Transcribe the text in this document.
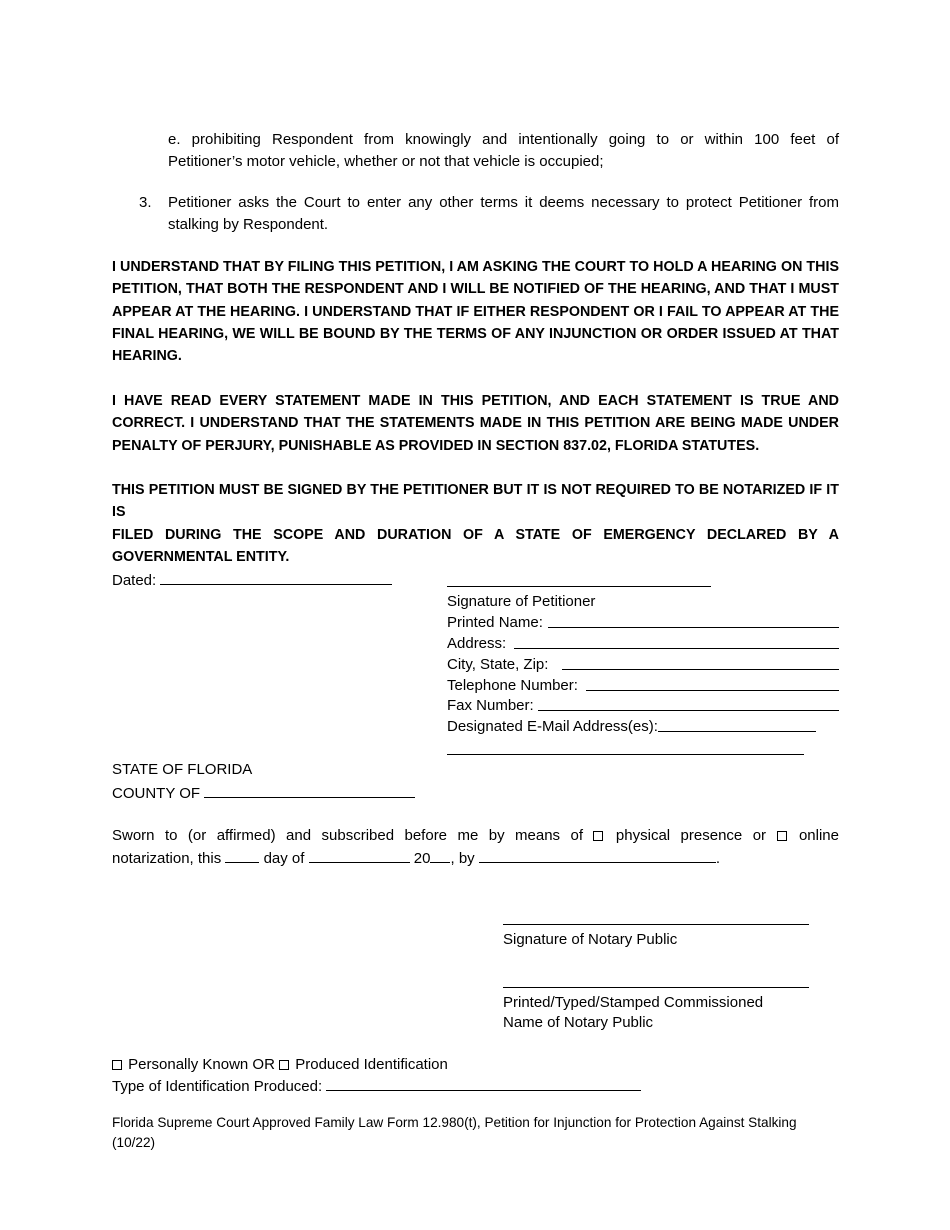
e. prohibiting Respondent from knowingly and intentionally going to or within 100 feet of
Petitioner’s motor vehicle, whether or not that vehicle is occupied;
3. Petitioner asks the Court to enter any other terms it deems necessary to protect Petitioner from
stalking by Respondent.
I UNDERSTAND THAT BY FILING THIS PETITION, I AM ASKING THE COURT TO HOLD A HEARING ON THIS
PETITION, THAT BOTH THE RESPONDENT AND I WILL BE NOTIFIED OF THE HEARING, AND THAT I MUST
APPEAR AT THE HEARING. I UNDERSTAND THAT IF EITHER RESPONDENT OR I FAIL TO APPEAR AT THE
FINAL HEARING, WE WILL BE BOUND BY THE TERMS OF ANY INJUNCTION OR ORDER ISSUED AT THAT
HEARING.
I HAVE READ EVERY STATEMENT MADE IN THIS PETITION, AND EACH STATEMENT IS TRUE AND
CORRECT. I UNDERSTAND THAT THE STATEMENTS MADE IN THIS PETITION ARE BEING MADE UNDER
PENALTY OF PERJURY, PUNISHABLE AS PROVIDED IN SECTION 837.02, FLORIDA STATUTES.
THIS PETITION MUST BE SIGNED BY THE PETITIONER BUT IT IS NOT REQUIRED TO BE NOTARIZED IF IT IS
FILED DURING THE SCOPE AND DURATION OF A STATE OF EMERGENCY DECLARED BY A
GOVERNMENTAL ENTITY.
Dated:
Signature of Petitioner
Printed Name:
Address:
City, State, Zip:
Telephone Number:
Fax Number:
Designated E-Mail Address(es):
STATE OF FLORIDA
COUNTY OF
Sworn to (or affirmed) and subscribed before me by means of physical presence or online
notarization, this	day of	20 , by	.
Signature of Notary Public
Printed/Typed/Stamped Commissioned
Name of Notary Public
Personally Known OR Produced Identification
Type of Identification Produced:
Florida Supreme Court Approved Family Law Form 12.980(t), Petition for Injunction for Protection Against Stalking
(10/22)
